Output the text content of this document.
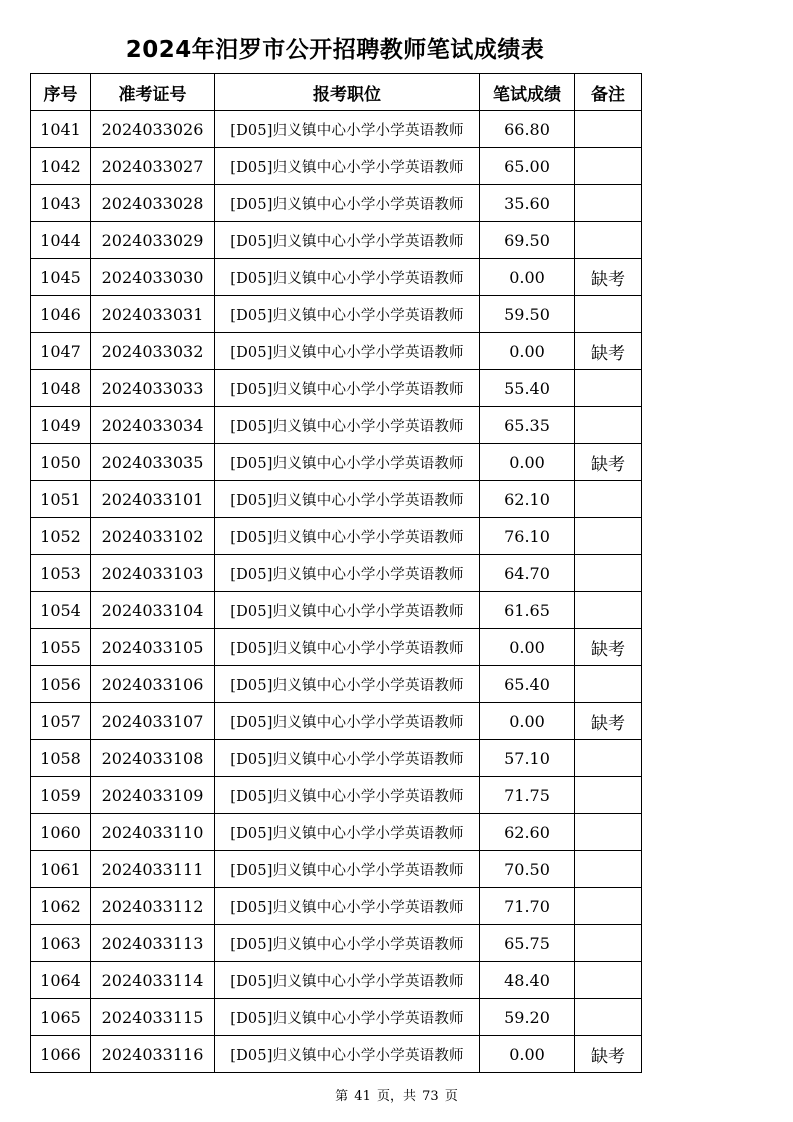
2024年汨罗市公开招聘教师笔试成绩表
序号	准考证号	报考职位	笔试成绩	备注
1041	2024033026	[D05]归义镇中心小学小学英语教师	66.80	
1042	2024033027	[D05]归义镇中心小学小学英语教师	65.00	
1043	2024033028	[D05]归义镇中心小学小学英语教师	35.60	
1044	2024033029	[D05]归义镇中心小学小学英语教师	69.50	
1045	2024033030	[D05]归义镇中心小学小学英语教师	0.00	缺考
1046	2024033031	[D05]归义镇中心小学小学英语教师	59.50	
1047	2024033032	[D05]归义镇中心小学小学英语教师	0.00	缺考
1048	2024033033	[D05]归义镇中心小学小学英语教师	55.40	
1049	2024033034	[D05]归义镇中心小学小学英语教师	65.35	
1050	2024033035	[D05]归义镇中心小学小学英语教师	0.00	缺考
1051	2024033101	[D05]归义镇中心小学小学英语教师	62.10	
1052	2024033102	[D05]归义镇中心小学小学英语教师	76.10	
1053	2024033103	[D05]归义镇中心小学小学英语教师	64.70	
1054	2024033104	[D05]归义镇中心小学小学英语教师	61.65	
1055	2024033105	[D05]归义镇中心小学小学英语教师	0.00	缺考
1056	2024033106	[D05]归义镇中心小学小学英语教师	65.40	
1057	2024033107	[D05]归义镇中心小学小学英语教师	0.00	缺考
1058	2024033108	[D05]归义镇中心小学小学英语教师	57.10	
1059	2024033109	[D05]归义镇中心小学小学英语教师	71.75	
1060	2024033110	[D05]归义镇中心小学小学英语教师	62.60	
1061	2024033111	[D05]归义镇中心小学小学英语教师	70.50	
1062	2024033112	[D05]归义镇中心小学小学英语教师	71.70	
1063	2024033113	[D05]归义镇中心小学小学英语教师	65.75	
1064	2024033114	[D05]归义镇中心小学小学英语教师	48.40	
1065	2024033115	[D05]归义镇中心小学小学英语教师	59.20	
1066	2024033116	[D05]归义镇中心小学小学英语教师	0.00	缺考
第 41 页，共 73 页
